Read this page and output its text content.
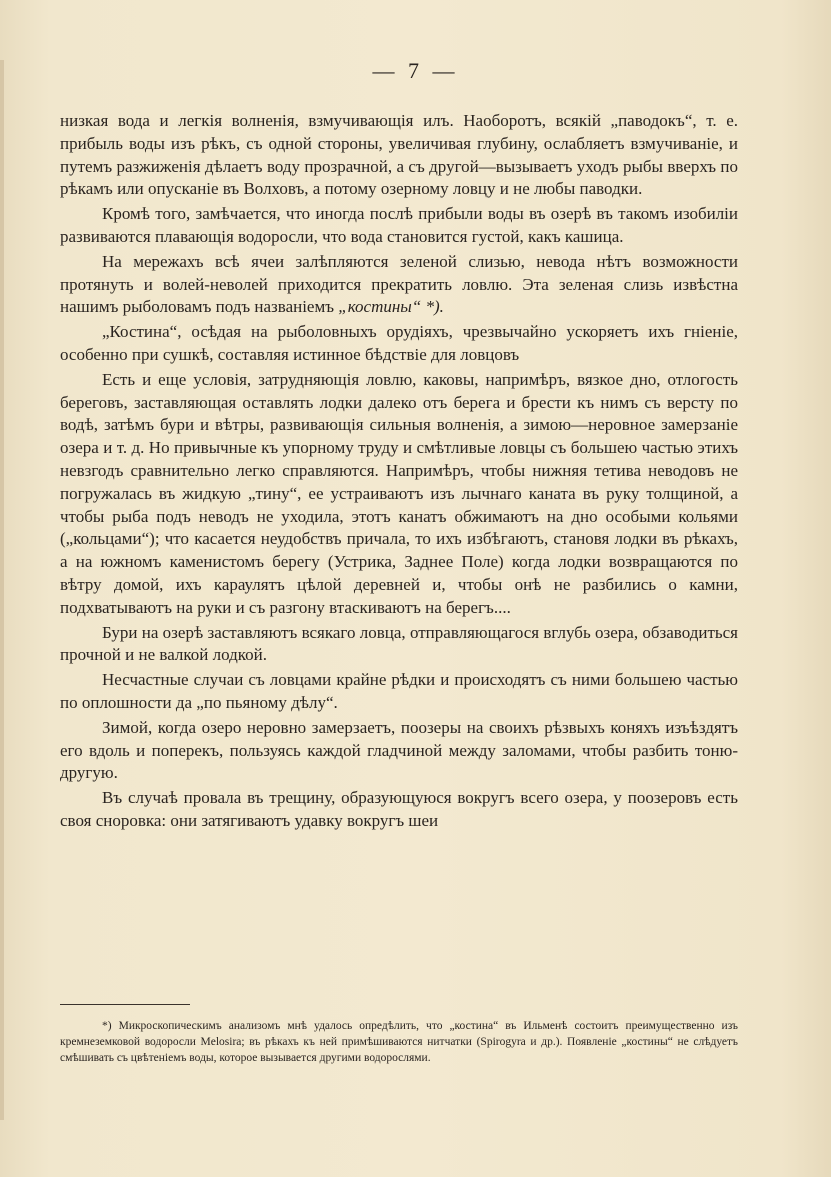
— 7 —

низкая вода и легкія волненія, взмучивающія илъ. Наоборотъ, всякій „паводокъ“, т. е. прибыль воды изъ рѣкъ, съ одной стороны, увеличивая глубину, ослабляетъ взмучиваніе, и путемъ разжиженія дѣлаетъ воду прозрачной, а съ другой—вызываетъ уходъ рыбы вверхъ по рѣкамъ или опусканіе въ Волховъ, а потому озерному ловцу и не любы паводки.

Кромѣ того, замѣчается, что иногда послѣ прибыли воды въ озерѣ въ такомъ изобиліи развиваются плавающія водоросли, что вода становится густой, какъ кашица.

На мережахъ всѣ ячеи залѣпляются зеленой слизью, невода нѣтъ возможности протянуть и волей-неволей приходится прекратить ловлю. Эта зеленая слизь извѣстна нашимъ рыболовамъ подъ названіемъ „костины“ *).

„Костина“, осѣдая на рыболовныхъ орудіяхъ, чрезвычайно ускоряетъ ихъ гніеніе, особенно при сушкѣ, составляя истинное бѣдствіе для ловцовъ

Есть и еще условія, затрудняющія ловлю, каковы, напримѣръ, вязкое дно, отлогость береговъ, заставляющая оставлять лодки далеко отъ берега и брести къ нимъ съ версту по водѣ, затѣмъ бури и вѣтры, развивающія сильныя волненія, а зимою—неровное замерзаніе озера и т. д. Но привычные къ упорному труду и смѣтливые ловцы съ большею частью этихъ невзгодъ сравнительно легко справляются. Напримѣръ, чтобы нижняя тетива неводовъ не погружалась въ жидкую „тину“, ее устраиваютъ изъ лычнаго каната въ руку толщиной, а чтобы рыба подъ неводъ не уходила, этотъ канатъ обжимаютъ на дно особыми кольями („кольцами“); что касается неудобствъ причала, то ихъ избѣгаютъ, становя лодки въ рѣкахъ, а на южномъ каменистомъ берегу (Устрика, Заднее Поле) когда лодки возвращаются по вѣтру домой, ихъ караулятъ цѣлой деревней и, чтобы онѣ не разбились о камни, подхватываютъ на руки и съ разгону втаскиваютъ на берегъ....

Бури на озерѣ заставляютъ всякаго ловца, отправляющагося вглубь озера, обзаводиться прочной и не валкой лодкой.

Несчастные случаи съ ловцами крайне рѣдки и происходятъ съ ними большею частью по оплошности да „по пьяному дѣлу“.

Зимой, когда озеро неровно замерзаетъ, поозеры на своихъ рѣзвыхъ коняхъ изъѣздятъ его вдоль и поперекъ, пользуясь каждой гладчиной между заломами, чтобы разбить тоню-другую.

Въ случаѣ провала въ трещину, образующуюся вокругъ всего озера, у поозеровъ есть своя сноровка: они затягиваютъ удавку вокругъ шеи

*) Микроскопическимъ анализомъ мнѣ удалось опредѣлить, что „костина“ въ Ильменѣ состоитъ преимущественно изъ кремнеземковой водоросли Melosira; въ рѣкахъ къ ней примѣшиваются нитчатки (Spirogyra и др.). Появленіе „костины“ не слѣдуетъ смѣшивать съ цвѣтеніемъ воды, которое вызывается другими водорослями.
